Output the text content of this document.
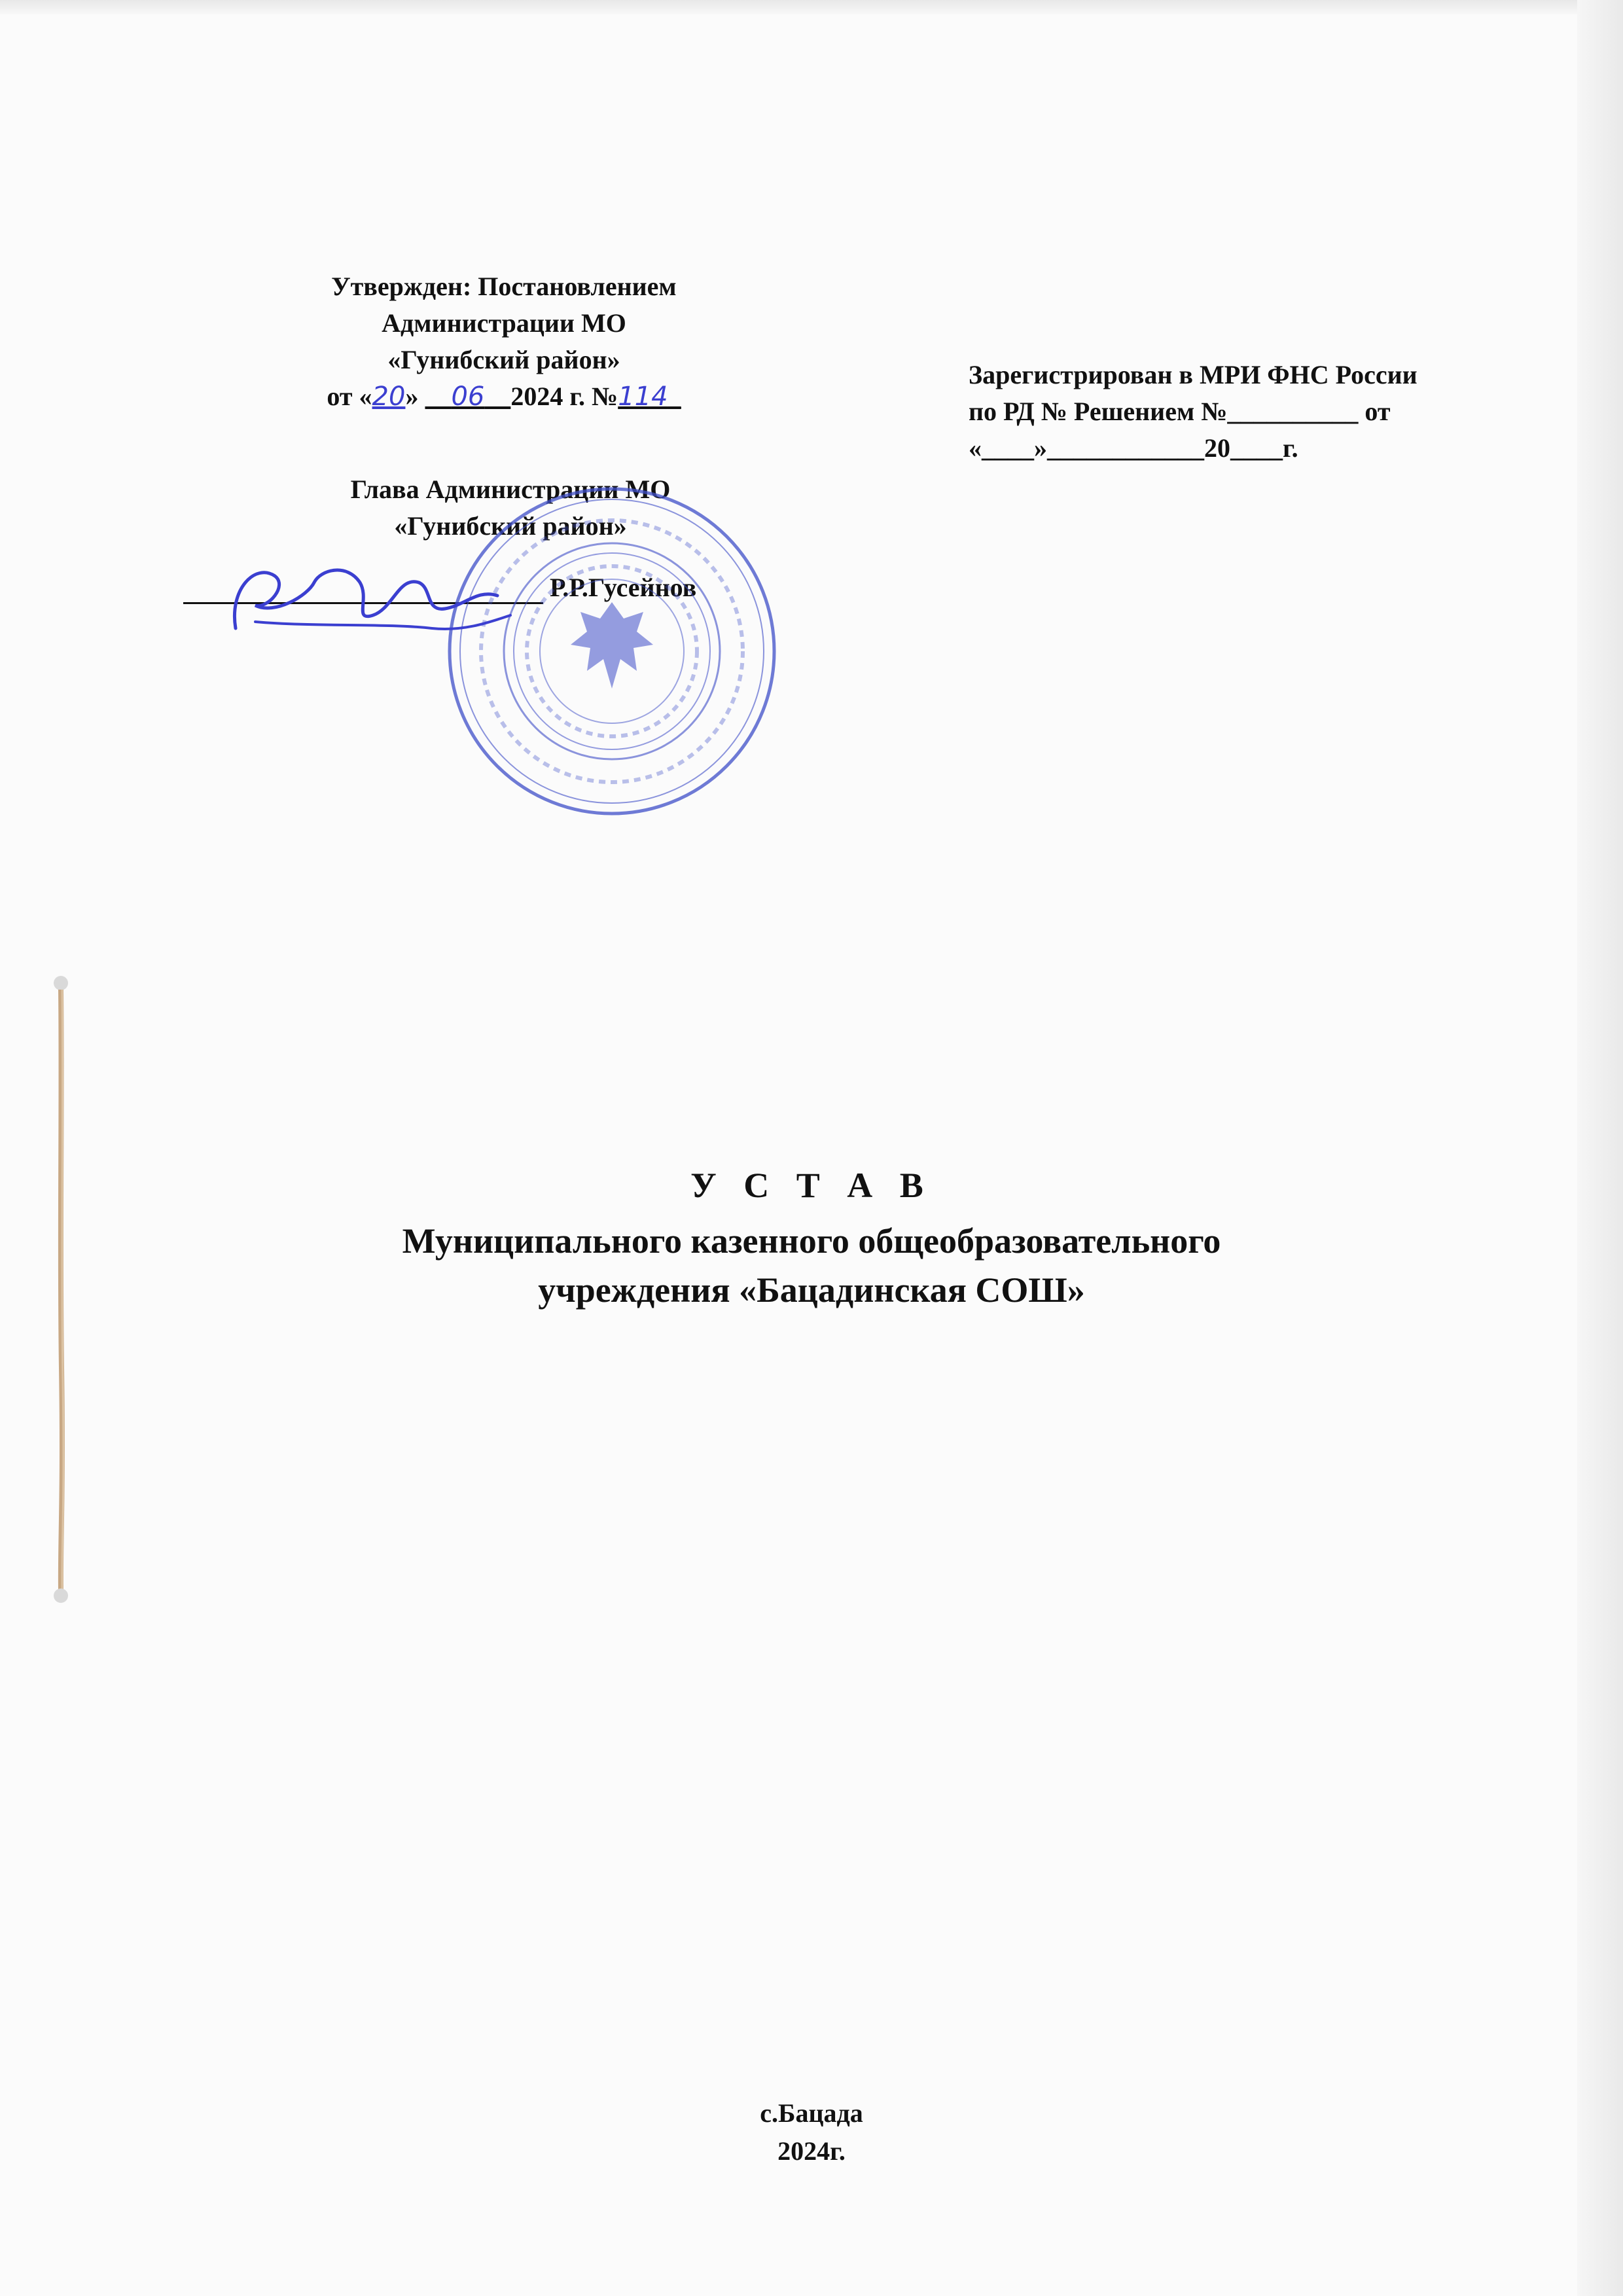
Утвержден: Постановлением
Администрации МО
«Гунибский район»
от «20»     06 2024 г. №114_
Зарегистрирован в МРИ ФНС России
по РД № Решением №__________ от
«____»____________20____г.
Глава Администрации МО
«Гунибский район»
Р.Р.Гусейнов
У С Т А В
Муниципального казенного общеобразовательного
учреждения «Бацадинская СОШ»
с.Бацада
2024г.
